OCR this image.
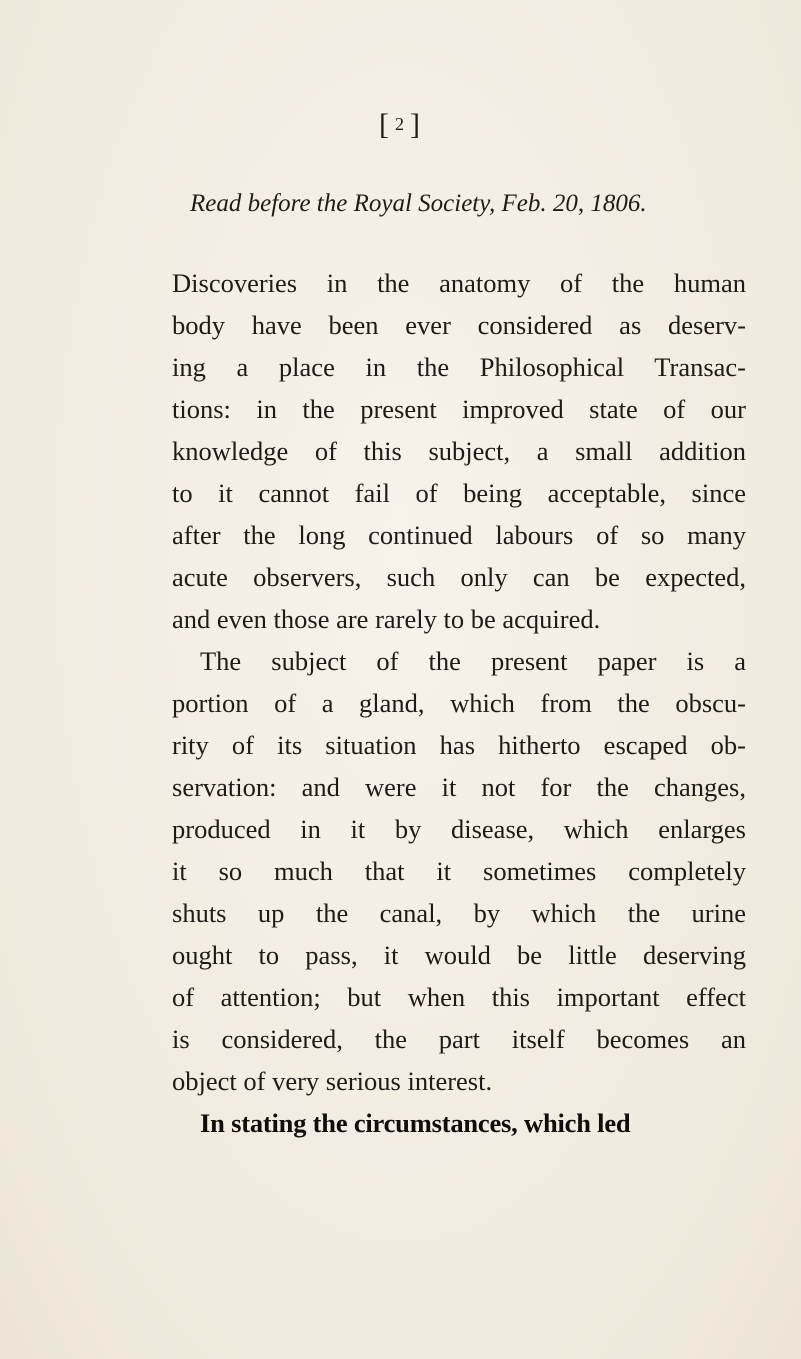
[ 2 ]

Read before the Royal Society, Feb. 20, 1806.

Discoveries in the anatomy of the human
body have been ever considered as deserv-
ing a place in the Philosophical Transac-
tions: in the present improved state of our
knowledge of this subject, a small addition
to it cannot fail of being acceptable, since
after the long continued labours of so many
acute observers, such only can be expected,
and even those are rarely to be acquired.
The subject of the present paper is a
portion of a gland, which from the obscu-
rity of its situation has hitherto escaped ob-
servation: and were it not for the changes,
produced in it by disease, which enlarges
it so much that it sometimes completely
shuts up the canal, by which the urine
ought to pass, it would be little deserving
of attention; but when this important effect
is considered, the part itself becomes an
object of very serious interest.
In stating the circumstances, which led
